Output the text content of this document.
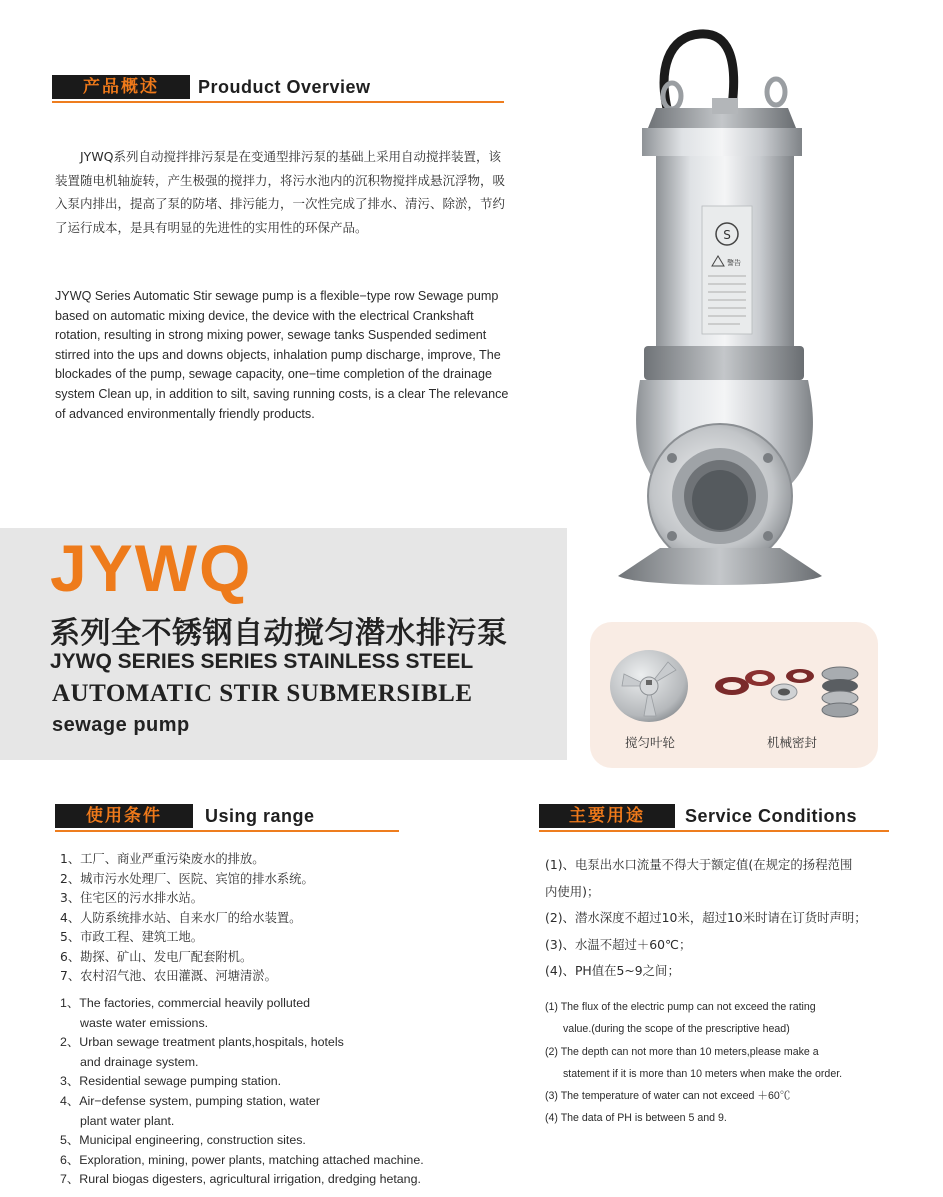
产品概述	Prouduct Overview

JYWQ系列自动搅拌排污泵是在变通型排污泵的基础上采用自动搅拌装置，该装置随电机轴旋转，产生极强的搅拌力，将污水池内的沉积物搅拌成悬沉浮物，吸入泵内排出，提高了泵的防堵、排污能力，一次性完成了排水、清污、除淤，节约了运行成本，是具有明显的先进性的实用性的环保产品。

JYWQ Series Automatic Stir sewage pump is a flexible−type row Sewage pump based on automatic mixing device, the device with the electrical Crankshaft rotation, resulting in strong mixing power, sewage tanks Suspended sediment stirred into the ups and downs objects, inhalation pump discharge, improve, The blockades of the pump, sewage capacity, one−time completion of the drainage system Clean up, in addition to silt, saving running costs, is a clear The relevance of advanced environmentally friendly products.

JYWQ
系列全不锈钢自动搅匀潜水排污泵
JYWQ SERIES SERIES STAINLESS STEEL
AUTOMATIC STIR SUBMERSIBLE
sewage pump
S
警告
搅匀叶轮	机械密封
使用条件	Using range
1、工厂、商业严重污染废水的排放。
2、城市污水处理厂、医院、宾馆的排水系统。
3、住宅区的污水排水站。
4、人防系统排水站、自来水厂的给水装置。
5、市政工程、建筑工地。
6、勘探、矿山、发电厂配套附机。
7、农村沼气池、农田灌溉、河塘清淤。
1、The factories, commercial heavily polluted
waste water emissions.
2、Urban sewage treatment plants,hospitals, hotels
and drainage system.
3、Residential sewage pumping station.
4、Air−defense system, pumping station, water
plant water plant.
5、Municipal engineering, construction sites.
6、Exploration, mining, power plants, matching attached machine.
7、Rural biogas digesters, agricultural irrigation, dredging hetang.
主要用途	Service Conditions
(1)、电泵出水口流量不得大于额定值(在规定的扬程范围
内使用)；
(2)、潜水深度不超过10米，超过10米时请在订货时声明；
(3)、水温不超过＋60℃；
(4)、PH值在5~9之间；
(1) The flux of the electric pump can not exceed the rating
value.(during the scope of the prescriptive head)
(2) The depth can not more than 10 meters,please make a
statement if it is more than 10 meters when make the order.
(3) The temperature of water can not exceed ＋60℃
(4) The data of PH is between 5 and 9.
